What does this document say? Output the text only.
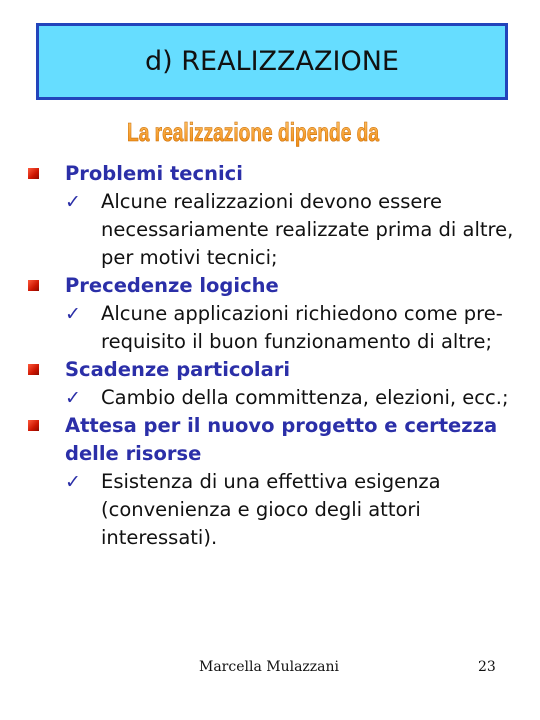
d) REALIZZAZIONE
La realizzazione dipende da
Problemi tecnici
✓ Alcune realizzazioni devono essere necessariamente realizzate prima di altre, per motivi tecnici;
Precedenze logiche
✓ Alcune applicazioni richiedono come pre-requisito il buon funzionamento di altre;
Scadenze particolari
✓ Cambio della committenza, elezioni, ecc.;
Attesa per il nuovo progetto e certezza delle risorse
✓ Esistenza di una effettiva esigenza (convenienza e gioco degli attori interessati).
Marcella Mulazzani	23
